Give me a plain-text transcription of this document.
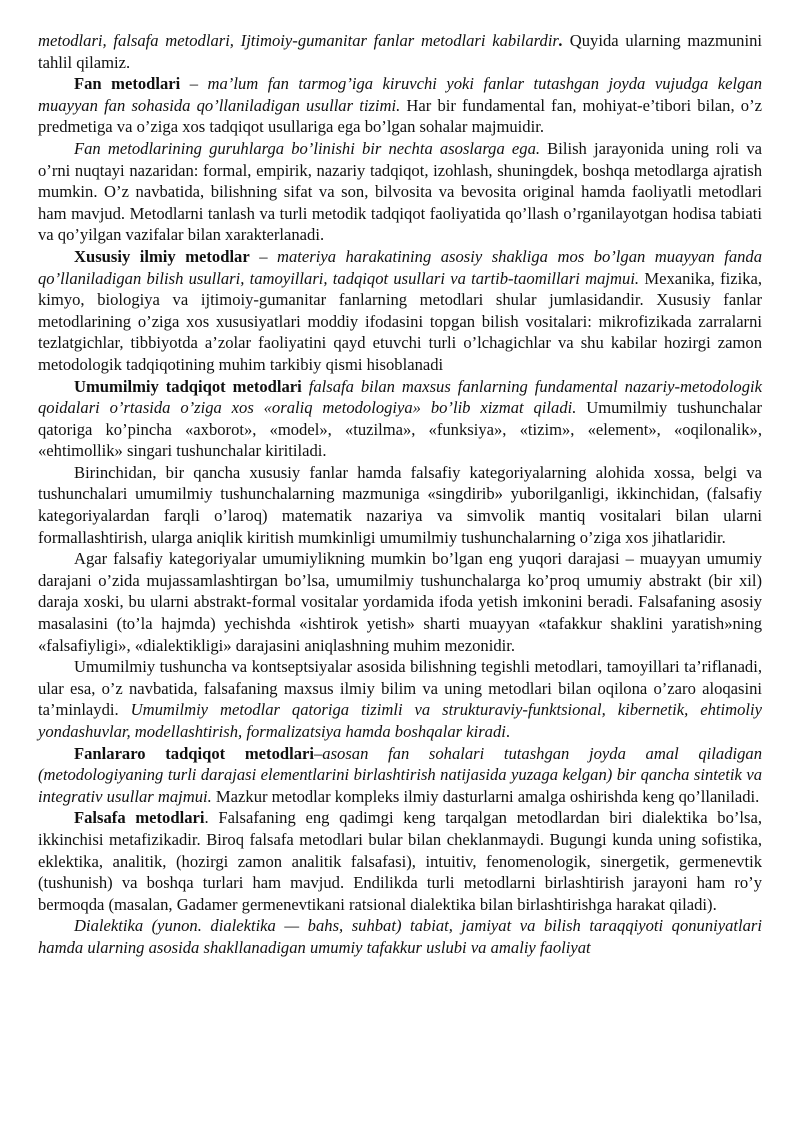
metodlari, falsafa metodlari, Ijtimoiy-gumanitar fanlar metodlari kabilardir. Quyida ularning mazmunini tahlil qilamiz.

Fan metodlari – ma’lum fan tarmog’iga kiruvchi yoki fanlar tutashgan joyda vujudga kelgan muayyan fan sohasida qo’llaniladigan usullar tizimi. Har bir fundamental fan, mohiyat-e’tibori bilan, o’z predmetiga va o’ziga xos tadqiqot usullariga ega bo’lgan sohalar majmuidir.

Fan metodlarining guruhlarga bo’linishi bir nechta asoslarga ega. Bilish jarayonida uning roli va o’rni nuqtayi nazaridan: formal, empirik, nazariy tadqiqot, izohlash, shuningdek, boshqa metodlarga ajratish mumkin. O’z navbatida, bilishning sifat va son, bilvosita va bevosita original hamda faoliyatli metodlari ham mavjud. Metodlarni tanlash va turli metodik tadqiqot faoliyatida qo’llash o’rganilayotgan hodisa tabiati va qo’yilgan vazifalar bilan xarakterlanadi.

Xususiy ilmiy metodlar – materiya harakatining asosiy shakliga mos bo’lgan muayyan fanda qo’llaniladigan bilish usullari, tamoyillari, tadqiqot usullari va tartib-taomillari majmui. Mexanika, fizika, kimyo, biologiya va ijtimoiy-gumanitar fanlarning metodlari shular jumlasidandir. Xususiy fanlar metodlarining o’ziga xos xususiyatlari moddiy ifodasini topgan bilish vositalari: mikrofizikada zarralarni tezlatgichlar, tibbiyotda a’zolar faoliyatini qayd etuvchi turli o’lchagichlar va shu kabilar hozirgi zamon metodologik tadqiqotining muhim tarkibiy qismi hisoblanadi

Umumilmiy tadqiqot metodlari falsafa bilan maxsus fanlarning fundamental nazariy-metodologik qoidalari o’rtasida o’ziga xos «oraliq metodologiya» bo’lib xizmat qiladi. Umumilmiy tushunchalar qatoriga ko’pincha «axborot», «model», «tuzilma», «funksiya», «tizim», «element», «oqilonalik», «ehtimollik» singari tushunchalar kiritiladi.

Birinchidan, bir qancha xususiy fanlar hamda falsafiy kategoriyalarning alohida xossa, belgi va tushunchalari umumilmiy tushunchalarning mazmuniga «singdirib» yuborilganligi, ikkinchidan, (falsafiy kategoriyalardan farqli o’laroq) matematik nazariya va simvolik mantiq vositalari bilan ularni formallashtirish, ularga aniqlik kiritish mumkinligi umumilmiy tushunchalarning o’ziga xos jihatlaridir.

Agar falsafiy kategoriyalar umumiylikning mumkin bo’lgan eng yuqori darajasi – muayyan umumiy darajani o’zida mujassamlashtirgan bo’lsa, umumilmiy tushunchalarga ko’proq umumiy abstrakt (bir xil) daraja xoski, bu ularni abstrakt-formal vositalar yordamida ifoda yetish imkonini beradi. Falsafaning asosiy masalasini (to’la hajmda) yechishda «ishtirok yetish» sharti muayyan «tafakkur shaklini yaratish»ning «falsafiyligi», «dialektikligi» darajasini aniqlashning muhim mezonidir.

Umumilmiy tushuncha va kontseptsiyalar asosida bilishning tegishli metodlari, tamoyillari ta’riflanadi, ular esa, o’z navbatida, falsafaning maxsus ilmiy bilim va uning metodlari bilan oqilona o’zaro aloqasini ta’minlaydi. Umumilmiy metodlar qatoriga tizimli va strukturaviy-funktsional, kibernetik, ehtimoliy yondashuvlar, modellashtirish, formalizatsiya hamda boshqalar kiradi.

Fanlararo tadqiqot metodlari–asosan fan sohalari tutashgan joyda amal qiladigan (metodologiyaning turli darajasi elementlarini birlashtirish natijasida yuzaga kelgan) bir qancha sintetik va integrativ usullar majmui. Mazkur metodlar kompleks ilmiy dasturlarni amalga oshirishda keng qo’llaniladi.

Falsafa metodlari. Falsafaning eng qadimgi keng tarqalgan metodlardan biri dialektika bo’lsa, ikkinchisi metafizikadir. Biroq falsafa metodlari bular bilan cheklanmaydi. Bugungi kunda uning sofistika, eklektika, analitik, (hozirgi zamon analitik falsafasi), intuitiv, fenomenologik, sinergetik, germenevtik (tushunish) va boshqa turlari ham mavjud. Endilikda turli metodlarni birlashtirish jarayoni ham ro’y bermoqda (masalan, Gadamer germenevtikani ratsional dialektika bilan birlashtirishga harakat qiladi).

Dialektika (yunon. dialektika — bahs, suhbat) tabiat, jamiyat va bilish taraqqiyoti qonuniyatlari hamda ularning asosida shakllanadigan umumiy tafakkur uslubi va amaliy faoliyat
